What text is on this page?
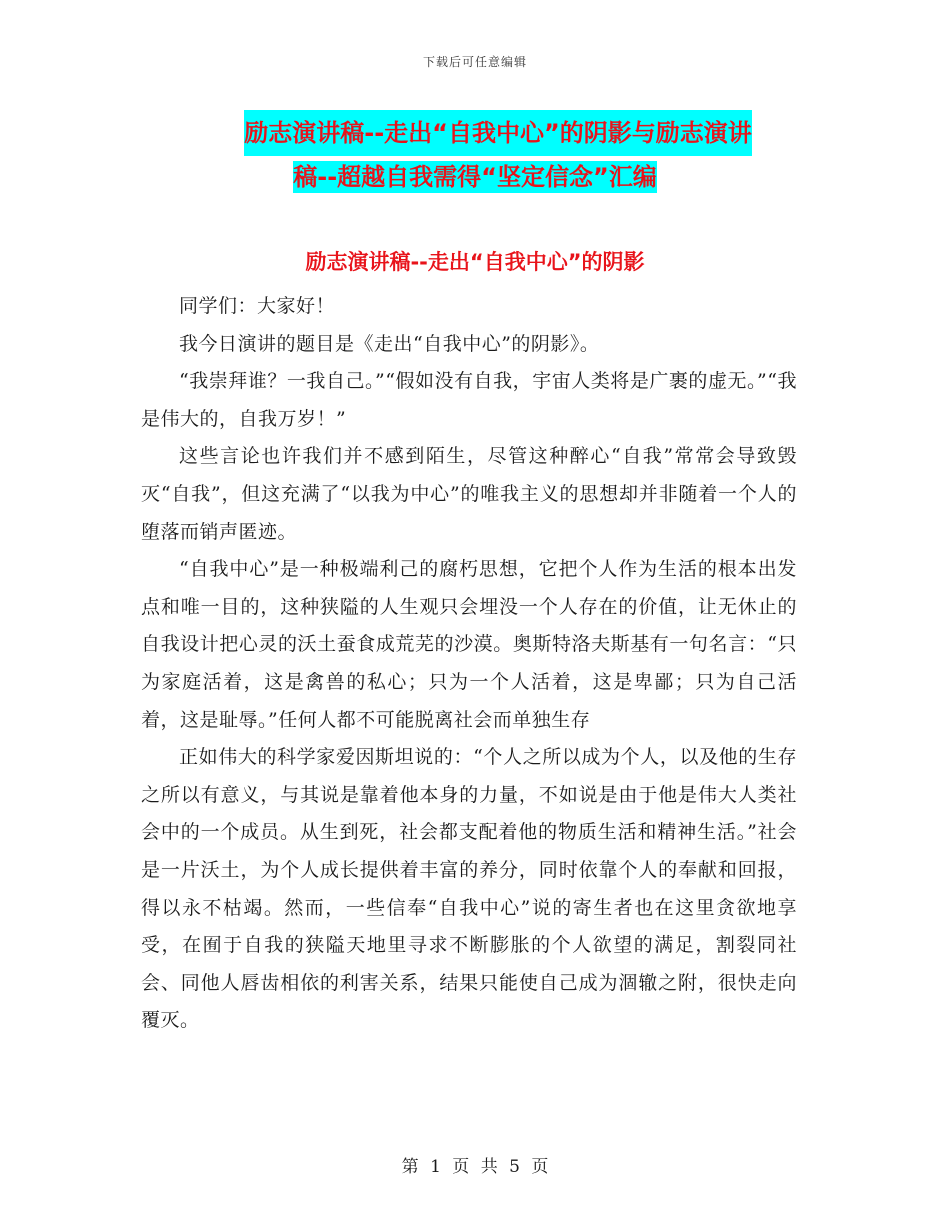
下载后可任意编辑
励志演讲稿--走出“自我中心”的阴影与励志演讲
稿--超越自我需得“坚定信念”汇编
励志演讲稿--走出“自我中心”的阴影

同学们：大家好！

我今日演讲的题目是《走出“自我中心”的阴影》。

“我崇拜谁？一我自己。”“假如没有自我，宇宙人类将是广裹的虚无。”“我是伟大的，自我万岁！”

这些言论也许我们并不感到陌生，尽管这种醉心“自我”常常会导致毁灭“自我”，但这充满了“以我为中心”的唯我主义的思想却并非随着一个人的堕落而销声匿迹。

“自我中心”是一种极端利己的腐朽思想，它把个人作为生活的根本出发点和唯一目的，这种狭隘的人生观只会埋没一个人存在的价值，让无休止的自我设计把心灵的沃土蚕食成荒芜的沙漠。奥斯特洛夫斯基有一句名言：“只为家庭活着，这是禽兽的私心；只为一个人活着，这是卑鄙；只为自己活着，这是耻辱。”任何人都不可能脱离社会而单独生存

正如伟大的科学家爱因斯坦说的：“个人之所以成为个人，以及他的生存之所以有意义，与其说是靠着他本身的力量，不如说是由于他是伟大人类社会中的一个成员。从生到死，社会都支配着他的物质生活和精神生活。”社会是一片沃土，为个人成长提供着丰富的养分，同时依靠个人的奉献和回报，得以永不枯竭。然而，一些信奉“自我中心”说的寄生者也在这里贪欲地享受，在囿于自我的狭隘天地里寻求不断膨胀的个人欲望的满足，割裂同社会、同他人唇齿相依的利害关系，结果只能使自己成为涸辙之附，很快走向覆灭。

第 1 页 共 5 页
